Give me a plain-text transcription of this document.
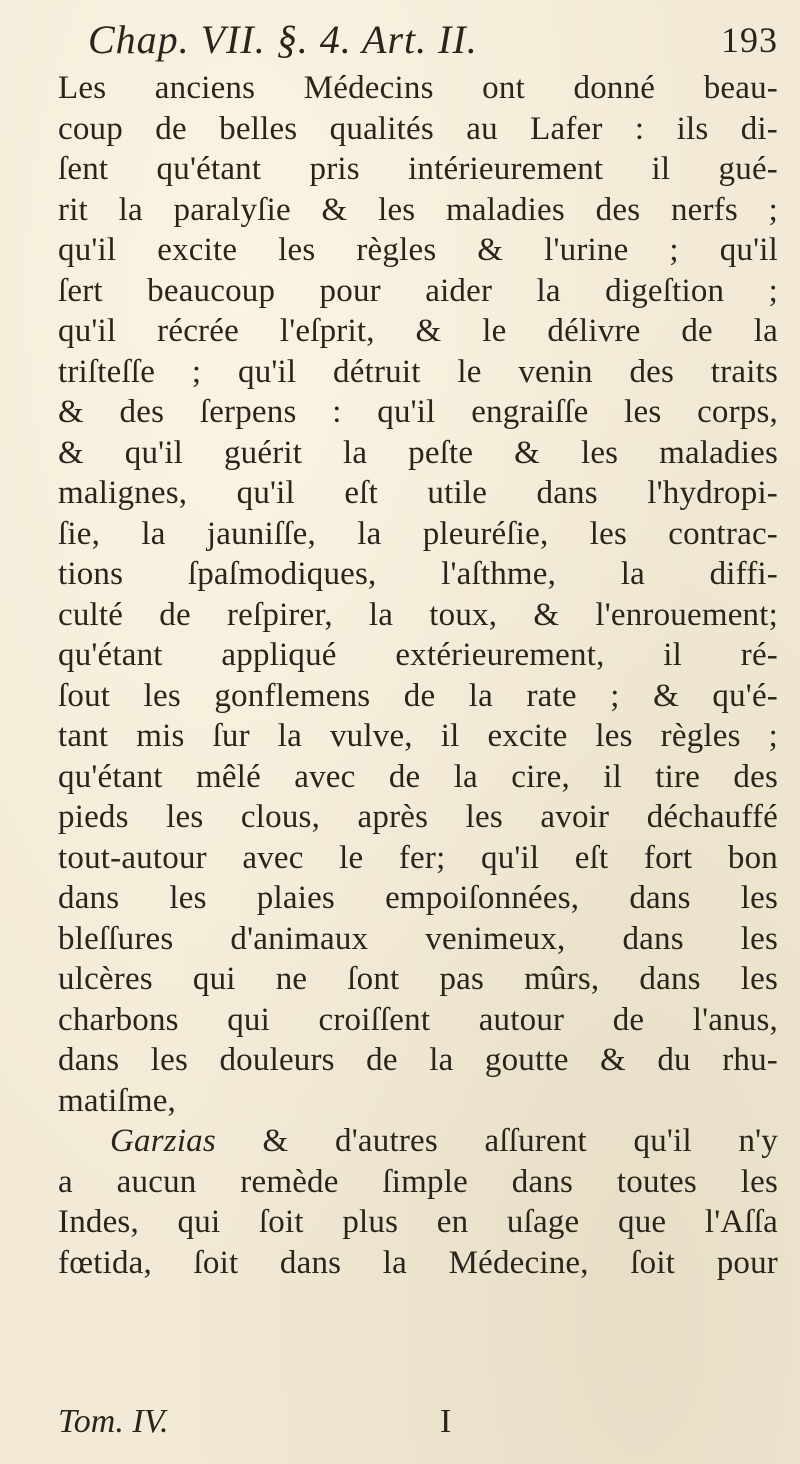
Chap. VII. §. 4. Art. II.	193
Les anciens Médecins ont donné beau-
coup de belles qualités au Lafer : ils di-
ſent qu'étant pris intérieurement il gué-
rit la paralyſie & les maladies des nerfs ;
qu'il excite les règles & l'urine ; qu'il
ſert beaucoup pour aider la digeſtion ;
qu'il récrée l'eſprit, & le délivre de la
triſteſſe ; qu'il détruit le venin des traits
& des ſerpens : qu'il engraiſſe les corps,
& qu'il guérit la peſte & les maladies
malignes, qu'il eſt utile dans l'hydropi-
ſie, la jauniſſe, la pleuréſie, les contrac-
tions ſpaſmodiques, l'aſthme, la diffi-
culté de reſpirer, la toux, & l'enrouement;
qu'étant appliqué extérieurement, il ré-
ſout les gonflemens de la rate ; & qu'é-
tant mis ſur la vulve, il excite les règles ;
qu'étant mêlé avec de la cire, il tire des
pieds les clous, après les avoir déchauffé
tout-autour avec le fer; qu'il eſt fort bon
dans les plaies empoiſonnées, dans les
bleſſures d'animaux venimeux, dans les
ulcères qui ne ſont pas mûrs, dans les
charbons qui croiſſent autour de l'anus,
dans les douleurs de la goutte & du rhu-
matiſme,
Garzias & d'autres aſſurent qu'il n'y
a aucun remède ſimple dans toutes les
Indes, qui ſoit plus en uſage que l'Aſſa
fœtida, ſoit dans la Médecine, ſoit pour
Tom. IV.	I
